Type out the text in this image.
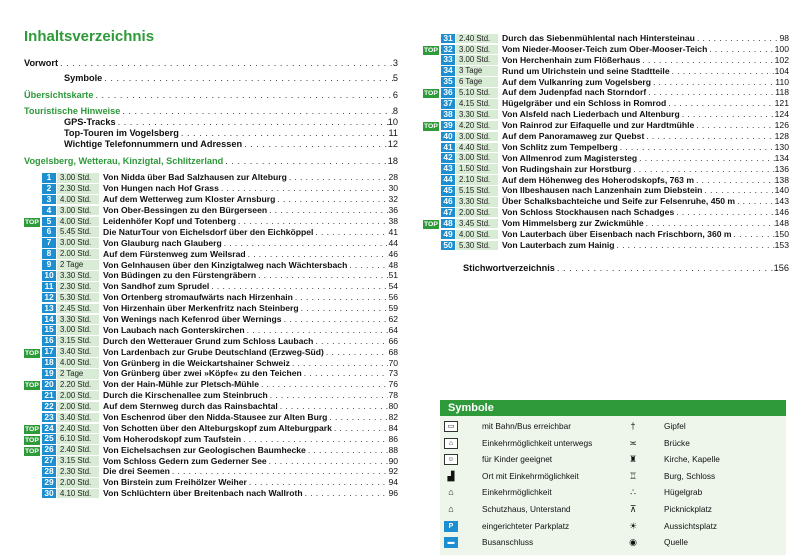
Inhaltsverzeichnis
Vorwort . . .	3
Symbole . . .	5
Übersichtskarte . . .	6
Touristische Hinweise . . .	8
GPS-Tracks . . .	10
Top-Touren im Vogelsberg . . .	11
Wichtige Telefonnummern und Adressen . . .	12
Vogelsberg, Wetterau, Kinzigtal, Schlitzerland . . .	18
1	3.00 Std.	Von Nidda über Bad Salzhausen zur Alteburg . . .	28
2	2.30 Std.	Von Hungen nach Hof Grass . . .	30
3	4.00 Std.	Auf dem Wetterweg zum Kloster Arnsburg . . .	32
4	3.00 Std.	Von Ober-Bessingen zu den Bürgerseen . . .	36
TOP 5	4.00 Std.	Leidenhöfer Kopf und Totenberg . . .	38
6	5.45 Std.	Die NaturTour von Eichelsdorf über den Eichköppel . . .	41
7	3.00 Std.	Von Glauburg nach Glauberg . . .	44
8	2.00 Std.	Auf dem Fürstenweg zum Weilsrad . . .	46
9	2 Tage	Von Gelnhausen über den Kinzigtalweg nach Wächtersbach . . .	48
10 3.30 Std.	Von Büdingen zu den Fürstengräbern . . .	51
11 2.30 Std.	Von Sandhof zum Sprudel . . .	54
12 5.30 Std.	Von Ortenberg stromaufwärts nach Hirzenhain . . .	56
13 2.45 Std.	Von Hirzenhain über Merkenfritz nach Steinberg . . .	59
14 3.30 Std.	Von Wenings nach Kefenrod über Wernings . . .	62
15 3.00 Std.	Von Laubach nach Gonterskirchen . . .	64
16 3.15 Std.	Durch den Wetterauer Grund zum Schloss Laubach . . .	66
TOP 17 3.40 Std.	Von Lardenbach zur Grube Deutschland (Erzweg-Süd) . . .	68
18 4.00 Std.	Von Grünberg in die Weickartshainer Schweiz . . .	70
19 2 Tage	Von Grünberg über zwei »Köpfe« zu den Teichen . . .	73
TOP 20 2.20 Std.	Von der Hain-Mühle zur Pletsch-Mühle . . .	76
21 2.00 Std.	Durch die Kirschenallee zum Steinbruch . . .	78
22 2.00 Std.	Auf dem Sternweg durch das Rainsbachtal . . .	80
23 3.40 Std.	Von Eschenrod über den Nidda-Stausee zur Alten Burg . . .	82
TOP 24 2.40 Std.	Von Schotten über den Alteburgskopf zum Alteburgpark . . .	84
TOP 25 6.10 Std.	Vom Hoherodskopf zum Taufstein . . .	86
TOP 26 2.40 Std.	Von Eichelsachsen zur Geologischen Baumhecke . . .	88
27 3.15 Std.	Vom Schloss Gedern zum Gederner See . . .	90
28 2.30 Std.	Die drei Seemen . . .	92
29 2.00 Std.	Von Birstein zum Freihölzer Weiher . . .	94
30 4.10 Std.	Von Schlüchtern über Breitenbach nach Wallroth . . .	96
31 2.40 Std.	Durch das Siebenmühlental nach Hintersteinau . . .	98
TOP 32 3.00 Std.	Vom Nieder-Mooser-Teich zum Ober-Mooser-Teich . . .	100
33 3.00 Std.	Von Herchenhain zum Flößerhaus . . .	102
34 3 Tage	Rund um Ulrichstein und seine Stadtteile . . .	104
35 6 Tage	Auf dem Vulkanring zum Vogelsberg . . .	110
TOP 36 5.10 Std.	Auf dem Judenpfad nach Storndorf . . .	118
37 4.15 Std.	Hügelgräber und ein Schloss in Romrod . . .	121
38 3.30 Std.	Von Alsfeld nach Liederbach und Altenburg . . .	124
TOP 39 4.20 Std.	Von Rainrod zur Eifaquelle und zur Hardtmühle . . .	126
40 3.00 Std.	Auf dem Panoramaweg zur Quebst . . .	128
41 4.40 Std.	Von Schlitz zum Tempelberg . . .	130
42 3.00 Std.	Von Allmenrod zum Magistersteg . . .	134
43 1.50 Std.	Von Rudingshain zur Horstburg . . .	136
44 2.10 Std.	Auf dem Höhenweg des Hoherodskopfs, 763 m . . .	138
45 5.15 Std.	Von Ilbeshausen nach Lanzenhain zum Diebstein . . .	140
46 3.30 Std.	Über Schalksbachteiche und Seife zur Felsenruhe, 450 m . . .	143
47 2.00 Std.	Von Schloss Stockhausen nach Schadges . . .	146
TOP 48 3.45 Std.	Vom Himmelsberg zur Zwickmühle . . .	148
49 4.00 Std.	Von Lauterbach über Eisenbach nach Frischborn, 360 m . . .	150
50 5.30 Std.	Von Lauterbach zum Hainig . . .	153
Stichwortverzeichnis . . .	156
Symbole
▭	mit Bahn/Bus erreichbar
⌂	Einkehrmöglichkeit unterwegs
☺	für Kinder geeignet
▟	Ort mit Einkehrmöglichkeit
⌂	Einkehrmöglichkeit
⌂	Schutzhaus, Unterstand
P	eingerichteter Parkplatz
▬	Busanschluss
†	Gipfel
≍	Brücke
♜	Kirche, Kapelle
♖	Burg, Schloss
∴	Hügelgrab
⊼	Picknickplatz
☀	Aussichtsplatz
◉	Quelle
